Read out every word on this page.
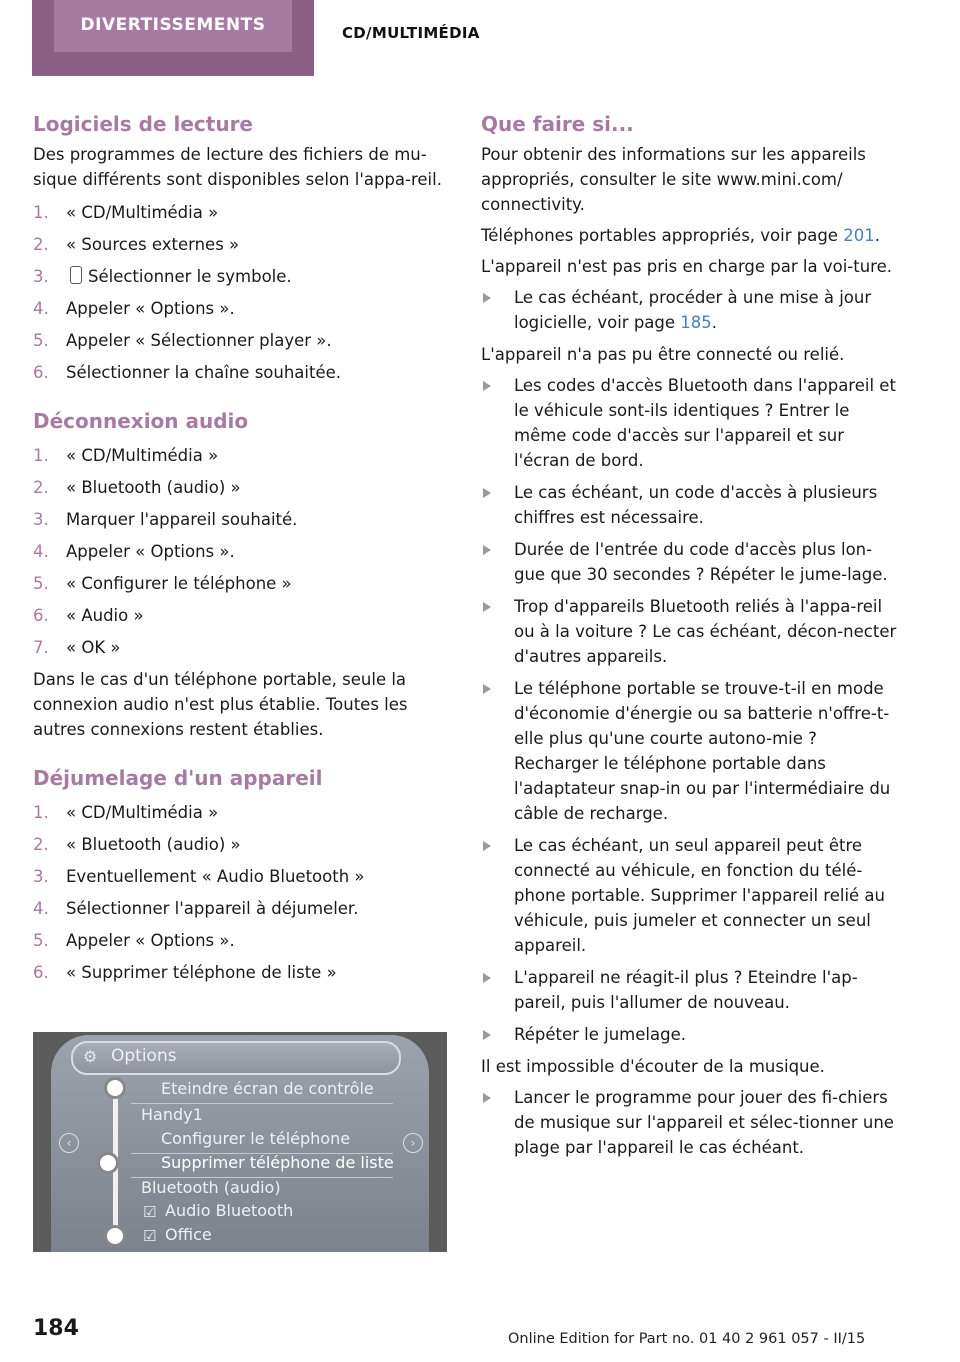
DIVERTISSEMENTS	CD/MULTIMÉDIA
Logiciels de lecture

Des programmes de lecture des fichiers de mu-sique différents sont disponibles selon l'appa-reil.

1. « CD/Multimédia »
2. « Sources externes »
3. Sélectionner le symbole.
4. Appeler « Options ».
5. Appeler « Sélectionner player ».
6. Sélectionner la chaîne souhaitée.
Déconnexion audio
1. « CD/Multimédia »
2. « Bluetooth (audio) »
3. Marquer l'appareil souhaité.
4. Appeler « Options ».
5. « Configurer le téléphone »
6. « Audio »
7. « OK »

Dans le cas d'un téléphone portable, seule la connexion audio n'est plus établie. Toutes les autres connexions restent établies.

Déjumelage d'un appareil
1. « CD/Multimédia »
2. « Bluetooth (audio) »
3. Eventuellement « Audio Bluetooth »
4. Sélectionner l'appareil à déjumeler.
5. Appeler « Options ».
6. « Supprimer téléphone de liste »
⚙ Options
‹	›
Eteindre écran de contrôle
Handy1
Configurer le téléphone
Supprimer téléphone de liste
Bluetooth (audio)
☑ Audio Bluetooth
☑ Office
Que faire si...

Pour obtenir des informations sur les appareils appropriés, consulter le site www.mini.com/ connectivity.

Téléphones portables appropriés, voir page 201.

L'appareil n'est pas pris en charge par la voi-ture.

Le cas échéant, procéder à une mise à jour logicielle, voir page 185.

L'appareil n'a pas pu être connecté ou relié.

Les codes d'accès Bluetooth dans l'appareil et le véhicule sont-ils identiques ? Entrer le même code d'accès sur l'appareil et sur l'écran de bord.
Le cas échéant, un code d'accès à plusieurs chiffres est nécessaire.
Durée de l'entrée du code d'accès plus lon-gue que 30 secondes ? Répéter le jume-lage.
Trop d'appareils Bluetooth reliés à l'appa-reil ou à la voiture ? Le cas échéant, décon-necter d'autres appareils.
Le téléphone portable se trouve-t-il en mode d'économie d'énergie ou sa batterie n'offre-t-elle plus qu'une courte autono-mie ? Recharger le téléphone portable dans l'adaptateur snap-in ou par l'intermédiaire du câble de recharge.
Le cas échéant, un seul appareil peut être connecté au véhicule, en fonction du télé-phone portable. Supprimer l'appareil relié au véhicule, puis jumeler et connecter un seul appareil.
L'appareil ne réagit-il plus ? Eteindre l'ap-pareil, puis l'allumer de nouveau.
Répéter le jumelage.

Il est impossible d'écouter de la musique.

Lancer le programme pour jouer des fi-chiers de musique sur l'appareil et sélec-tionner une plage par l'appareil le cas échéant.
184	Online Edition for Part no. 01 40 2 961 057 - II/15
